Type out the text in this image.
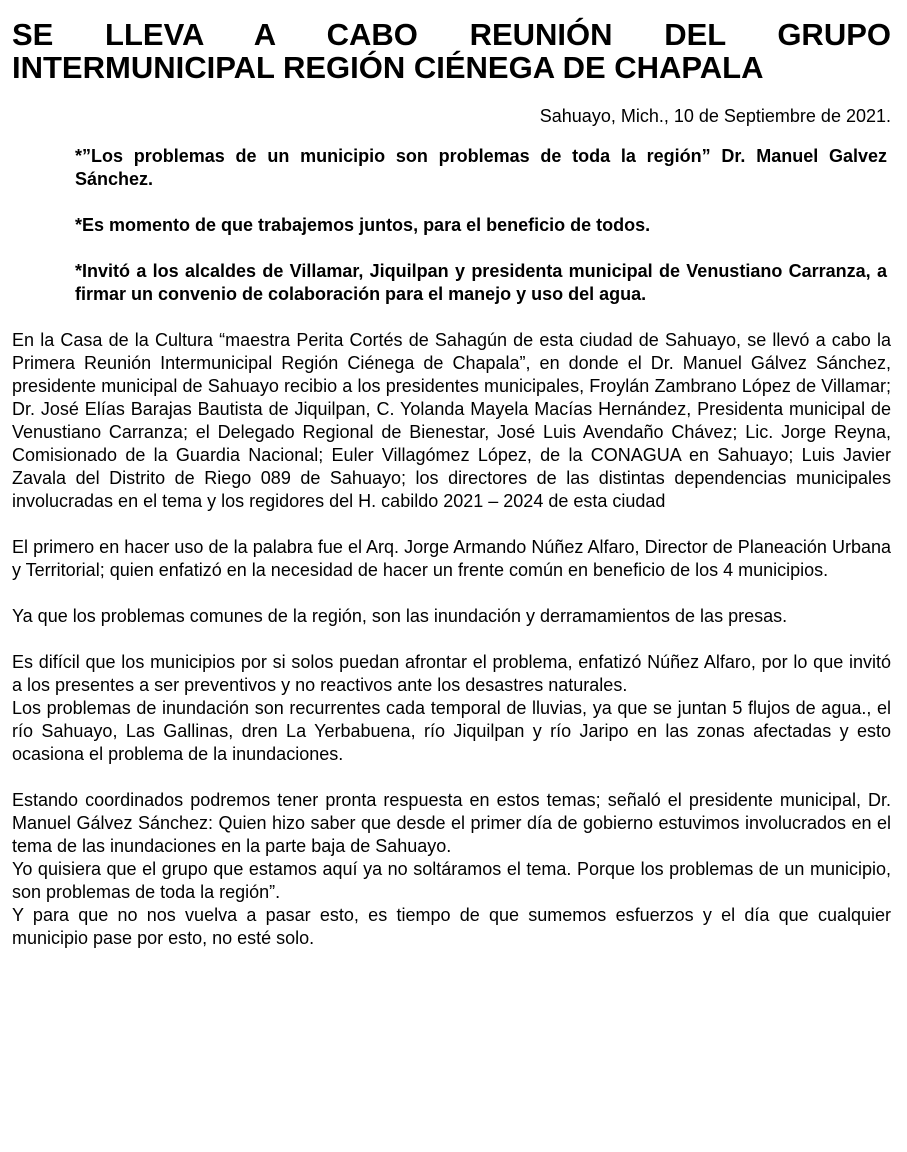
SE LLEVA A CABO REUNIÓN DEL GRUPO INTERMUNICIPAL REGIÓN CIÉNEGA DE CHAPALA

Sahuayo, Mich., 10 de Septiembre de 2021.

*”Los problemas de un municipio son problemas de toda la región” Dr. Manuel Galvez Sánchez.

*Es momento de que trabajemos juntos, para el beneficio de todos.

*Invitó a los alcaldes de Villamar, Jiquilpan y presidenta municipal de Venustiano Carranza, a firmar un convenio de colaboración para el manejo y uso del agua.

En la Casa de la Cultura “maestra Perita Cortés de Sahagún de esta ciudad de Sahuayo, se llevó a cabo la Primera Reunión Intermunicipal Región Ciénega de Chapala”, en donde el Dr. Manuel Gálvez Sánchez, presidente municipal de Sahuayo recibio a los presidentes municipales, Froylán Zambrano López de Villamar; Dr. José Elías Barajas Bautista de Jiquilpan, C. Yolanda Mayela Macías Hernández, Presidenta municipal de Venustiano Carranza; el Delegado Regional de Bienestar, José Luis Avendaño Chávez; Lic. Jorge Reyna, Comisionado de la Guardia Nacional; Euler Villagómez López, de la CONAGUA en Sahuayo; Luis Javier Zavala del Distrito de Riego 089 de Sahuayo; los directores de las distintas dependencias municipales involucradas en el tema y los regidores del H. cabildo 2021 – 2024 de esta ciudad

El primero en hacer uso de la palabra fue el Arq. Jorge Armando Núñez Alfaro, Director de Planeación Urbana y Territorial; quien enfatizó en la necesidad de hacer un frente común en beneficio de los 4 municipios.

Ya que los problemas comunes de la región, son las inundación y derramamientos de las presas.

Es difícil que los municipios por si solos puedan afrontar el problema, enfatizó Núñez Alfaro, por lo que invitó a los presentes a ser preventivos y no reactivos ante los desastres naturales.

Los problemas de inundación son recurrentes cada temporal de lluvias, ya que se juntan 5 flujos de agua., el río Sahuayo, Las Gallinas, dren La Yerbabuena, río Jiquilpan y río Jaripo en las zonas afectadas y esto ocasiona el problema de la inundaciones.

Estando coordinados podremos tener pronta respuesta en estos temas; señaló el presidente municipal, Dr. Manuel Gálvez Sánchez: Quien hizo saber que desde el primer día de gobierno estuvimos involucrados en el tema de las inundaciones en la parte baja de Sahuayo.

Yo quisiera que el grupo que estamos aquí ya no soltáramos el tema. Porque los problemas de un municipio, son problemas de toda la región”.

Y para que no nos vuelva a pasar esto, es tiempo de que sumemos esfuerzos y el día que cualquier municipio pase por esto, no esté solo.
